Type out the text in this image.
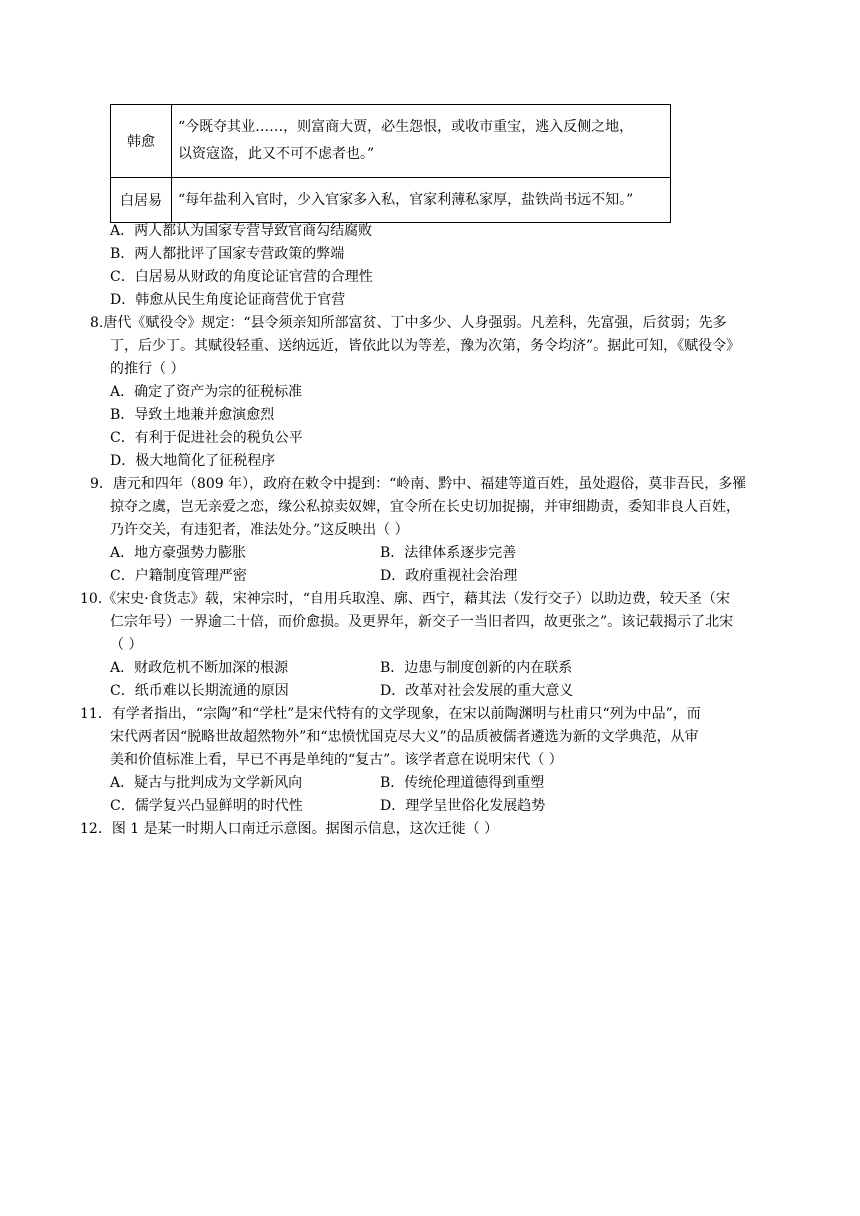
韩愈	“今既夺其业……，则富商大贾，必生怨恨，或收市重宝，逃入反侧之地，
以资寇盗，此又不可不虑者也。”

白居易	“每年盐利入官时，少入官家多入私，官家利薄私家厚，盐铁尚书远不知。”
A．两人都认为国家专营导致官商勾结腐败
B．两人都批评了国家专营政策的弊端
C．白居易从财政的角度论证官营的合理性
D．韩愈从民生角度论证商营优于官营
8.唐代《赋役令》规定：“县令须亲知所部富贫、丁中多少、人身强弱。凡差科，先富强，后贫弱；先多
丁，后少丁。其赋役轻重、送纳远近，皆依此以为等差，豫为次第，务令均济”。据此可知，《赋役令》
的推行（ ）
A．确定了资产为宗的征税标准
B．导致土地兼并愈演愈烈
C．有利于促进社会的税负公平
D．极大地简化了征税程序
9．唐元和四年（809 年），政府在敕令中提到：“岭南、黔中、福建等道百姓，虽处遐俗，莫非吾民，多罹
掠夺之虞，岂无亲爱之恋，缘公私掠卖奴婢，宜令所在长史切加捉搦，并审细勘责，委知非良人百姓，
乃许交关，有违犯者，准法处分。”这反映出（ ）
A．地方豪强势力膨胀	B．法律体系逐步完善
C．户籍制度管理严密	D．政府重视社会治理
10.《宋史·食货志》载，宋神宗时，“自用兵取湟、廓、西宁，藉其法（发行交子）以助边费，较天圣（宋
仁宗年号）一界逾二十倍，而价愈损。及更界年，新交子一当旧者四，故更张之”。该记载揭示了北宋
（ ）
A．财政危机不断加深的根源	B．边患与制度创新的内在联系
C．纸币难以长期流通的原因	D．改革对社会发展的重大意义
11．有学者指出，“宗陶”和“学杜”是宋代特有的文学现象，在宋以前陶渊明与杜甫只“列为中品”，而
宋代两者因“脱略世故超然物外”和“忠愤忧国克尽大义”的品质被儒者遴选为新的文学典范，从审
美和价值标准上看，早已不再是单纯的“复古”。该学者意在说明宋代（ ）
A．疑古与批判成为文学新风向	B．传统伦理道德得到重塑
C．儒学复兴凸显鲜明的时代性	D．理学呈世俗化发展趋势
12．图 1 是某一时期人口南迁示意图。据图示信息，这次迁徙（ ）
